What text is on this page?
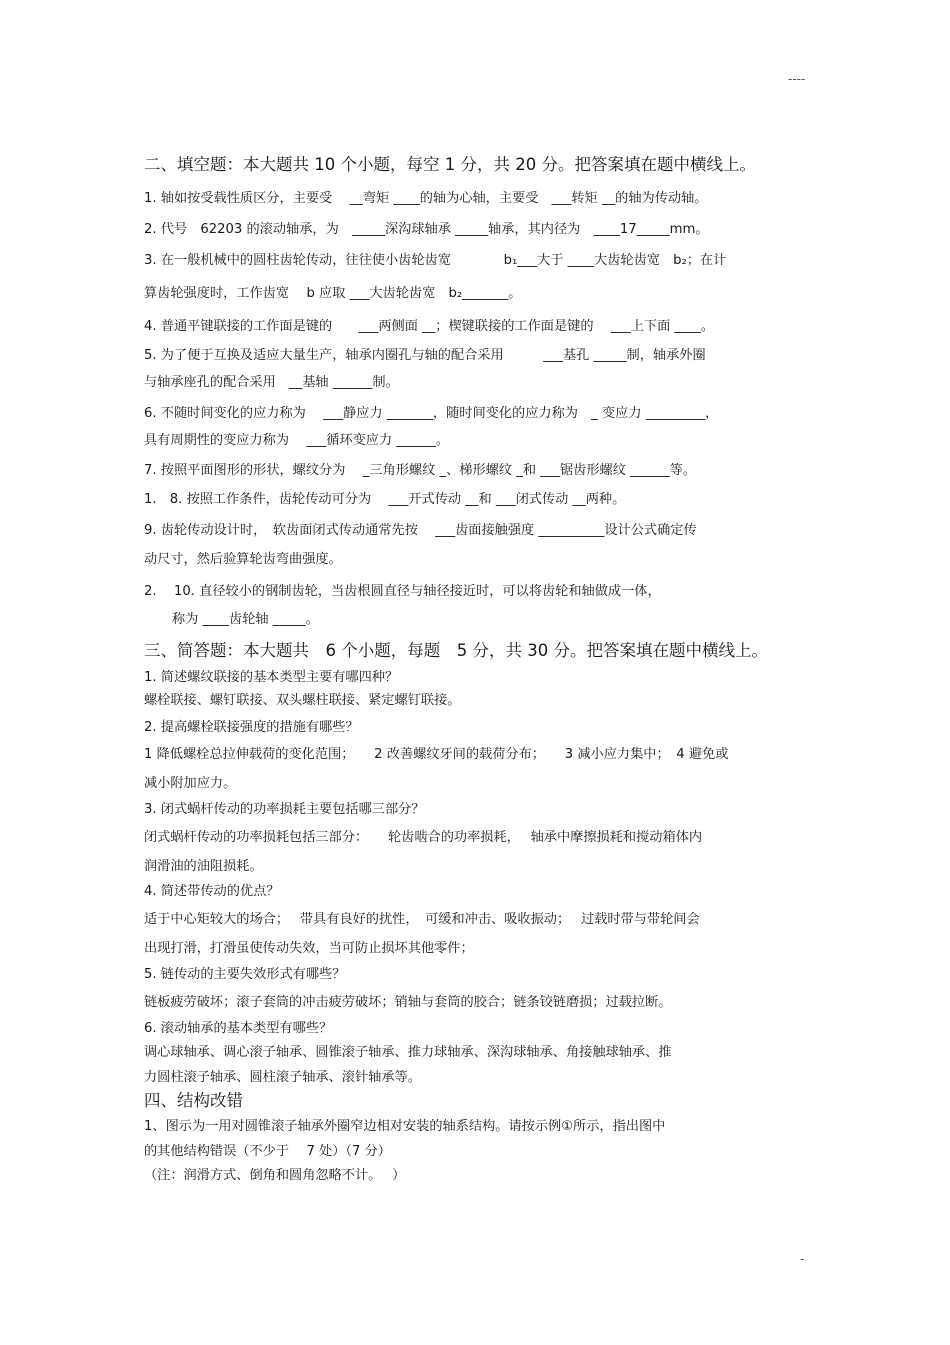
----
二、填空题：本大题共 10 个小题，每空 1 分，共 20 分。把答案填在题中横线上。
1. 轴如按受载性质区分，主要受　 __弯矩 ____的轴为心轴，主要受　___转矩 __的轴为传动轴。
2. 代号　62203 的滚动轴承，为　_____深沟球轴承 _____轴承，其内径为　____17_____mm。
3. 在一般机械中的圆柱齿轮传动，往往使小齿轮齿宽　　　　b₁___大于 ____大齿轮齿宽　b₂；在计
算齿轮强度时，工作齿宽　 b 应取 ___大齿轮齿宽　b₂_______。
4. 普通平键联接的工作面是键的　　___两侧面 __；楔键联接的工作面是键的　 ___上下面 ____。
5. 为了便于互换及适应大量生产，轴承内圈孔与轴的配合采用　　　___基孔 _____制，轴承外圈
与轴承座孔的配合采用　__基轴 ______制。
6. 不随时间变化的应力称为　 ___静应力 _______，随时间变化的应力称为　_ 变应力 _________，
具有周期性的变应力称为　 ___循环变应力 ______。
7. 按照平面图形的形状，螺纹分为　 _三角形螺纹 _、梯形螺纹 _和 ___锯齿形螺纹 ______等。
1.　8. 按照工作条件，齿轮传动可分为　 ___开式传动 __和 ___闭式传动 __两种。
9. 齿轮传动设计时，　软齿面闭式传动通常先按　 ___齿面接触强度 __________设计公式确定传
动尺寸，然后验算轮齿弯曲强度。
2.　 10. 直径较小的钢制齿轮，当齿根圆直径与轴径接近时，可以将齿轮和轴做成一体，
称为 ____齿轮轴 _____。
三、简答题：本大题共　6 个小题，每题　5 分，共 30 分。把答案填在题中横线上。
1. 简述螺纹联接的基本类型主要有哪四种？
螺栓联接、螺钉联接、双头螺柱联接、紧定螺钉联接。
2. 提高螺栓联接强度的措施有哪些？
1 降低螺栓总拉伸载荷的变化范围；　　2 改善螺纹牙间的载荷分布；　　3 减小应力集中；　4 避免或
减小附加应力。
3. 闭式蜗杆传动的功率损耗主要包括哪三部分？
闭式蜗杆传动的功率损耗包括三部分：　　轮齿啮合的功率损耗，　 轴承中摩擦损耗和搅动箱体内
润滑油的油阻损耗。
4. 简述带传动的优点？
适于中心矩较大的场合；　 带具有良好的扰性，　可缓和冲击、吸收振动；　 过载时带与带轮间会
出现打滑，打滑虽使传动失效，当可防止损坏其他零件；
5. 链传动的主要失效形式有哪些？
链板疲劳破坏；滚子套筒的冲击疲劳破坏；销轴与套筒的胶合；链条铰链磨损；过载拉断。
6. 滚动轴承的基本类型有哪些？
调心球轴承、调心滚子轴承、圆锥滚子轴承、推力球轴承、深沟球轴承、角接触球轴承、推
力圆柱滚子轴承、圆柱滚子轴承、滚针轴承等。
四、结构改错
1、图示为一用对圆锥滚子轴承外圈窄边相对安装的轴系结构。请按示例①所示，指出图中
的其他结构错误（不少于　 7 处）（7 分）
（注：润滑方式、倒角和圆角忽略不计。　 ）
-
